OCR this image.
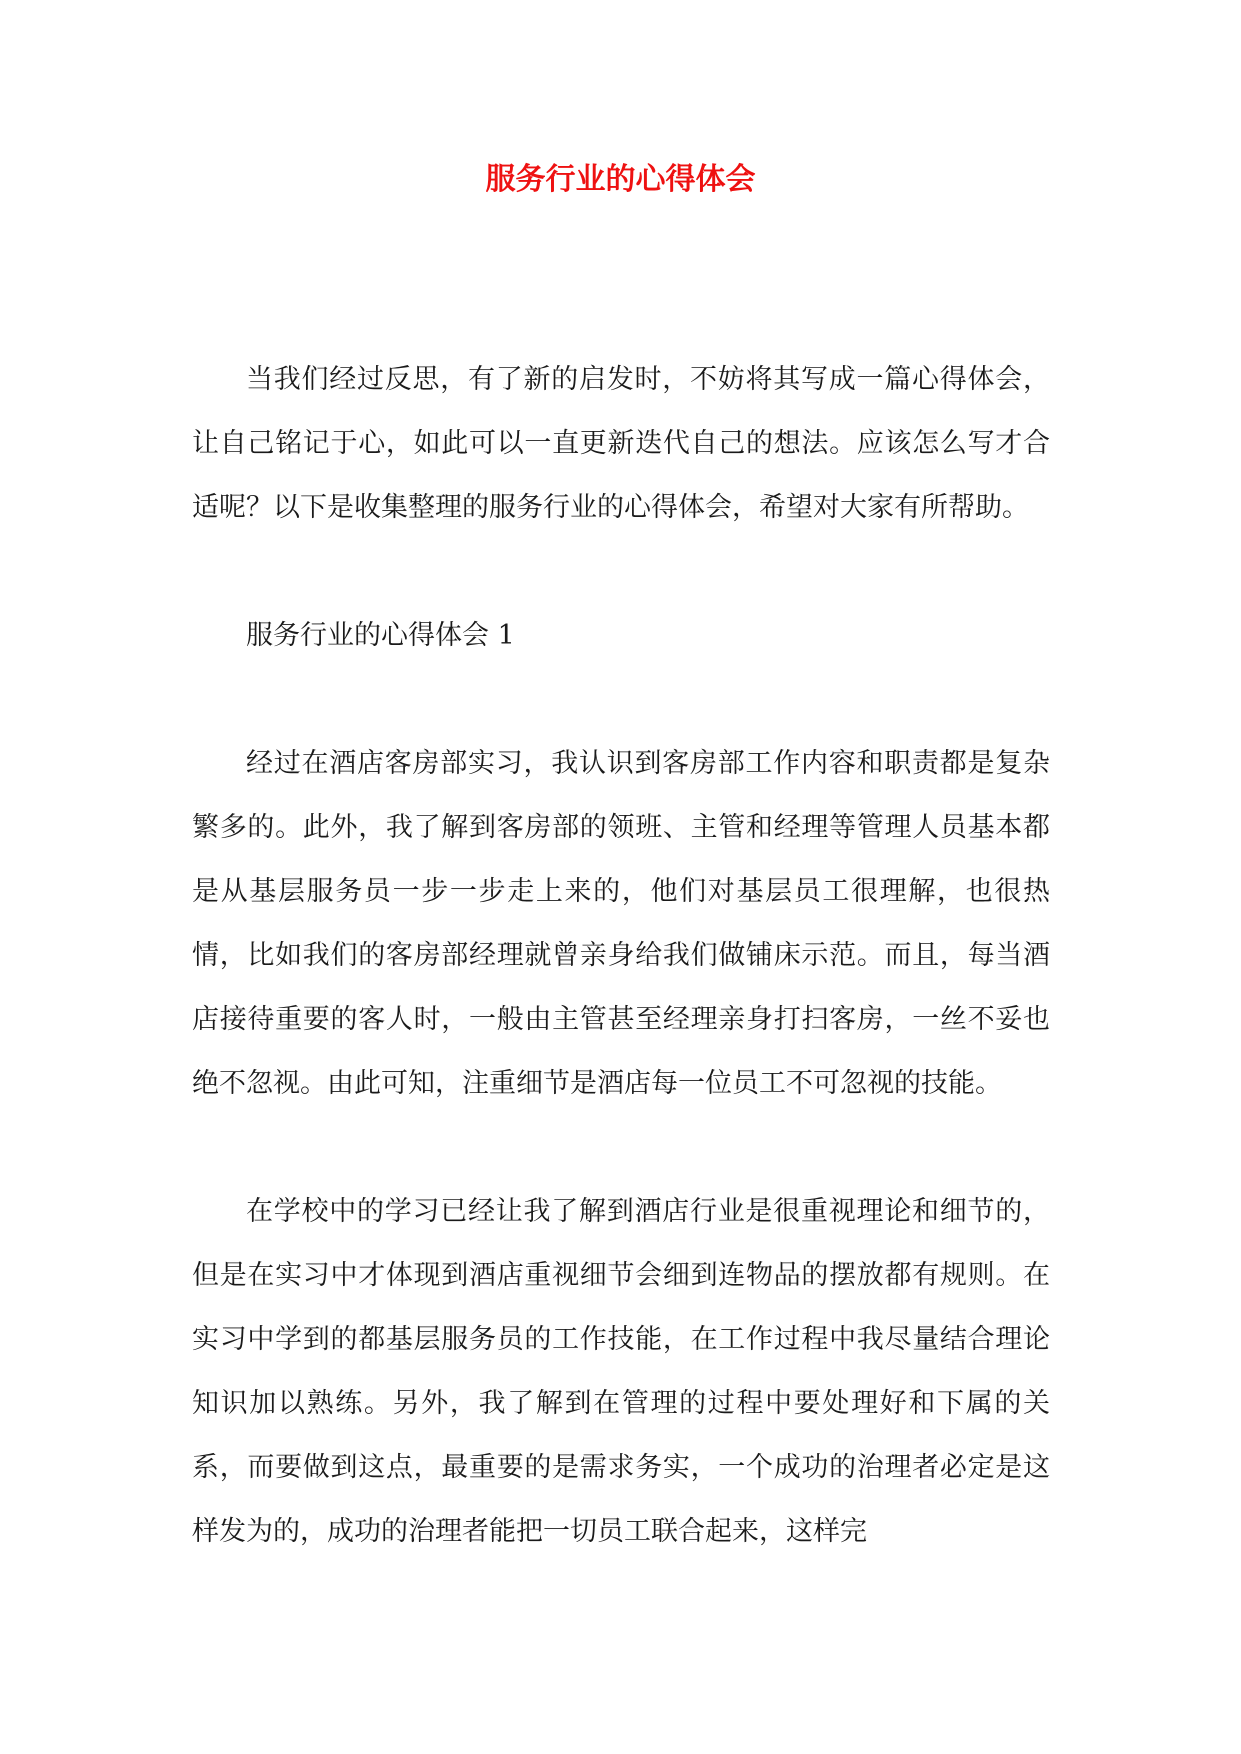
服务行业的心得体会

当我们经过反思，有了新的启发时，不妨将其写成一篇心得体会，让自己铭记于心，如此可以一直更新迭代自己的想法。应该怎么写才合适呢？以下是收集整理的服务行业的心得体会，希望对大家有所帮助。

服务行业的心得体会 1

经过在酒店客房部实习，我认识到客房部工作内容和职责都是复杂繁多的。此外，我了解到客房部的领班、主管和经理等管理人员基本都是从基层服务员一步一步走上来的，他们对基层员工很理解，也很热情，比如我们的客房部经理就曾亲身给我们做铺床示范。而且，每当酒店接待重要的客人时，一般由主管甚至经理亲身打扫客房，一丝不妥也绝不忽视。由此可知，注重细节是酒店每一位员工不可忽视的技能。

在学校中的学习已经让我了解到酒店行业是很重视理论和细节的，但是在实习中才体现到酒店重视细节会细到连物品的摆放都有规则。在实习中学到的都基层服务员的工作技能，在工作过程中我尽量结合理论知识加以熟练。另外，我了解到在管理的过程中要处理好和下属的关系，而要做到这点，最重要的是需求务实，一个成功的治理者必定是这样发为的，成功的治理者能把一切员工联合起来，这样完
